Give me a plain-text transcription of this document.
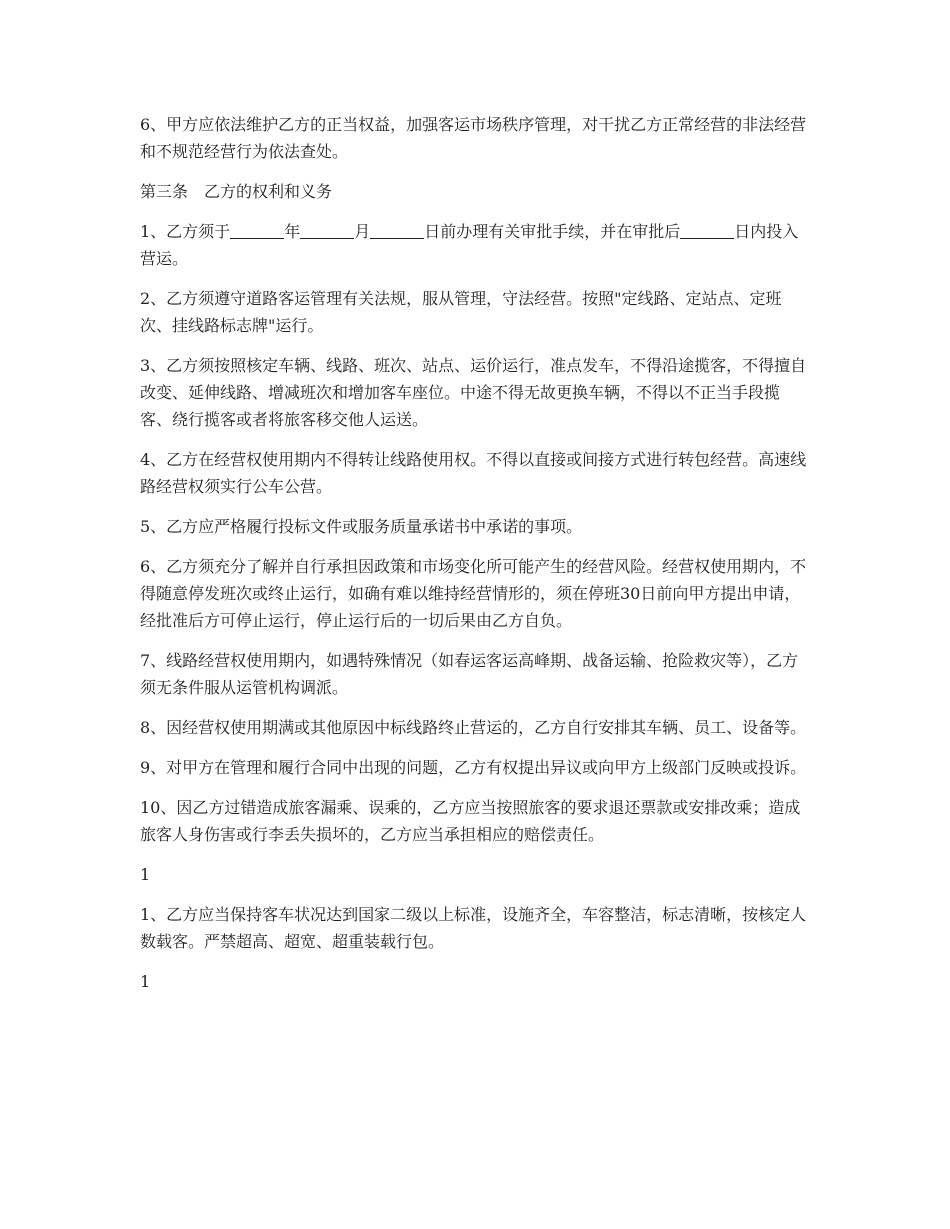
6、甲方应依法维护乙方的正当权益，加强客运市场秩序管理，对干扰乙方正常经营的非法经营和不规范经营行为依法查处。

第三条 乙方的权利和义务

1、乙方须于	年	月	日前办理有关审批手续，并在审批后	日内投入营运。

2、乙方须遵守道路客运管理有关法规，服从管理，守法经营。按照"定线路、定站点、定班次、挂线路标志牌"运行。

3、乙方须按照核定车辆、线路、班次、站点、运价运行，准点发车，不得沿途揽客，不得擅自改变、延伸线路、增减班次和增加客车座位。中途不得无故更换车辆，不得以不正当手段揽客、绕行揽客或者将旅客移交他人运送。

4、乙方在经营权使用期内不得转让线路使用权。不得以直接或间接方式进行转包经营。高速线路经营权须实行公车公营。

5、乙方应严格履行投标文件或服务质量承诺书中承诺的事项。

6、乙方须充分了解并自行承担因政策和市场变化所可能产生的经营风险。经营权使用期内，不得随意停发班次或终止运行，如确有难以维持经营情形的，须在停班30日前向甲方提出申请，经批准后方可停止运行，停止运行后的一切后果由乙方自负。

7、线路经营权使用期内，如遇特殊情况（如春运客运高峰期、战备运输、抢险救灾等），乙方须无条件服从运管机构调派。

8、因经营权使用期满或其他原因中标线路终止营运的，乙方自行安排其车辆、员工、设备等。

9、对甲方在管理和履行合同中出现的问题，乙方有权提出异议或向甲方上级部门反映或投诉。

10、因乙方过错造成旅客漏乘、误乘的，乙方应当按照旅客的要求退还票款或安排改乘；造成旅客人身伤害或行李丢失损坏的，乙方应当承担相应的赔偿责任。

1

1、乙方应当保持客车状况达到国家二级以上标准，设施齐全，车容整洁，标志清晰，按核定人数载客。严禁超高、超宽、超重装载行包。

1
